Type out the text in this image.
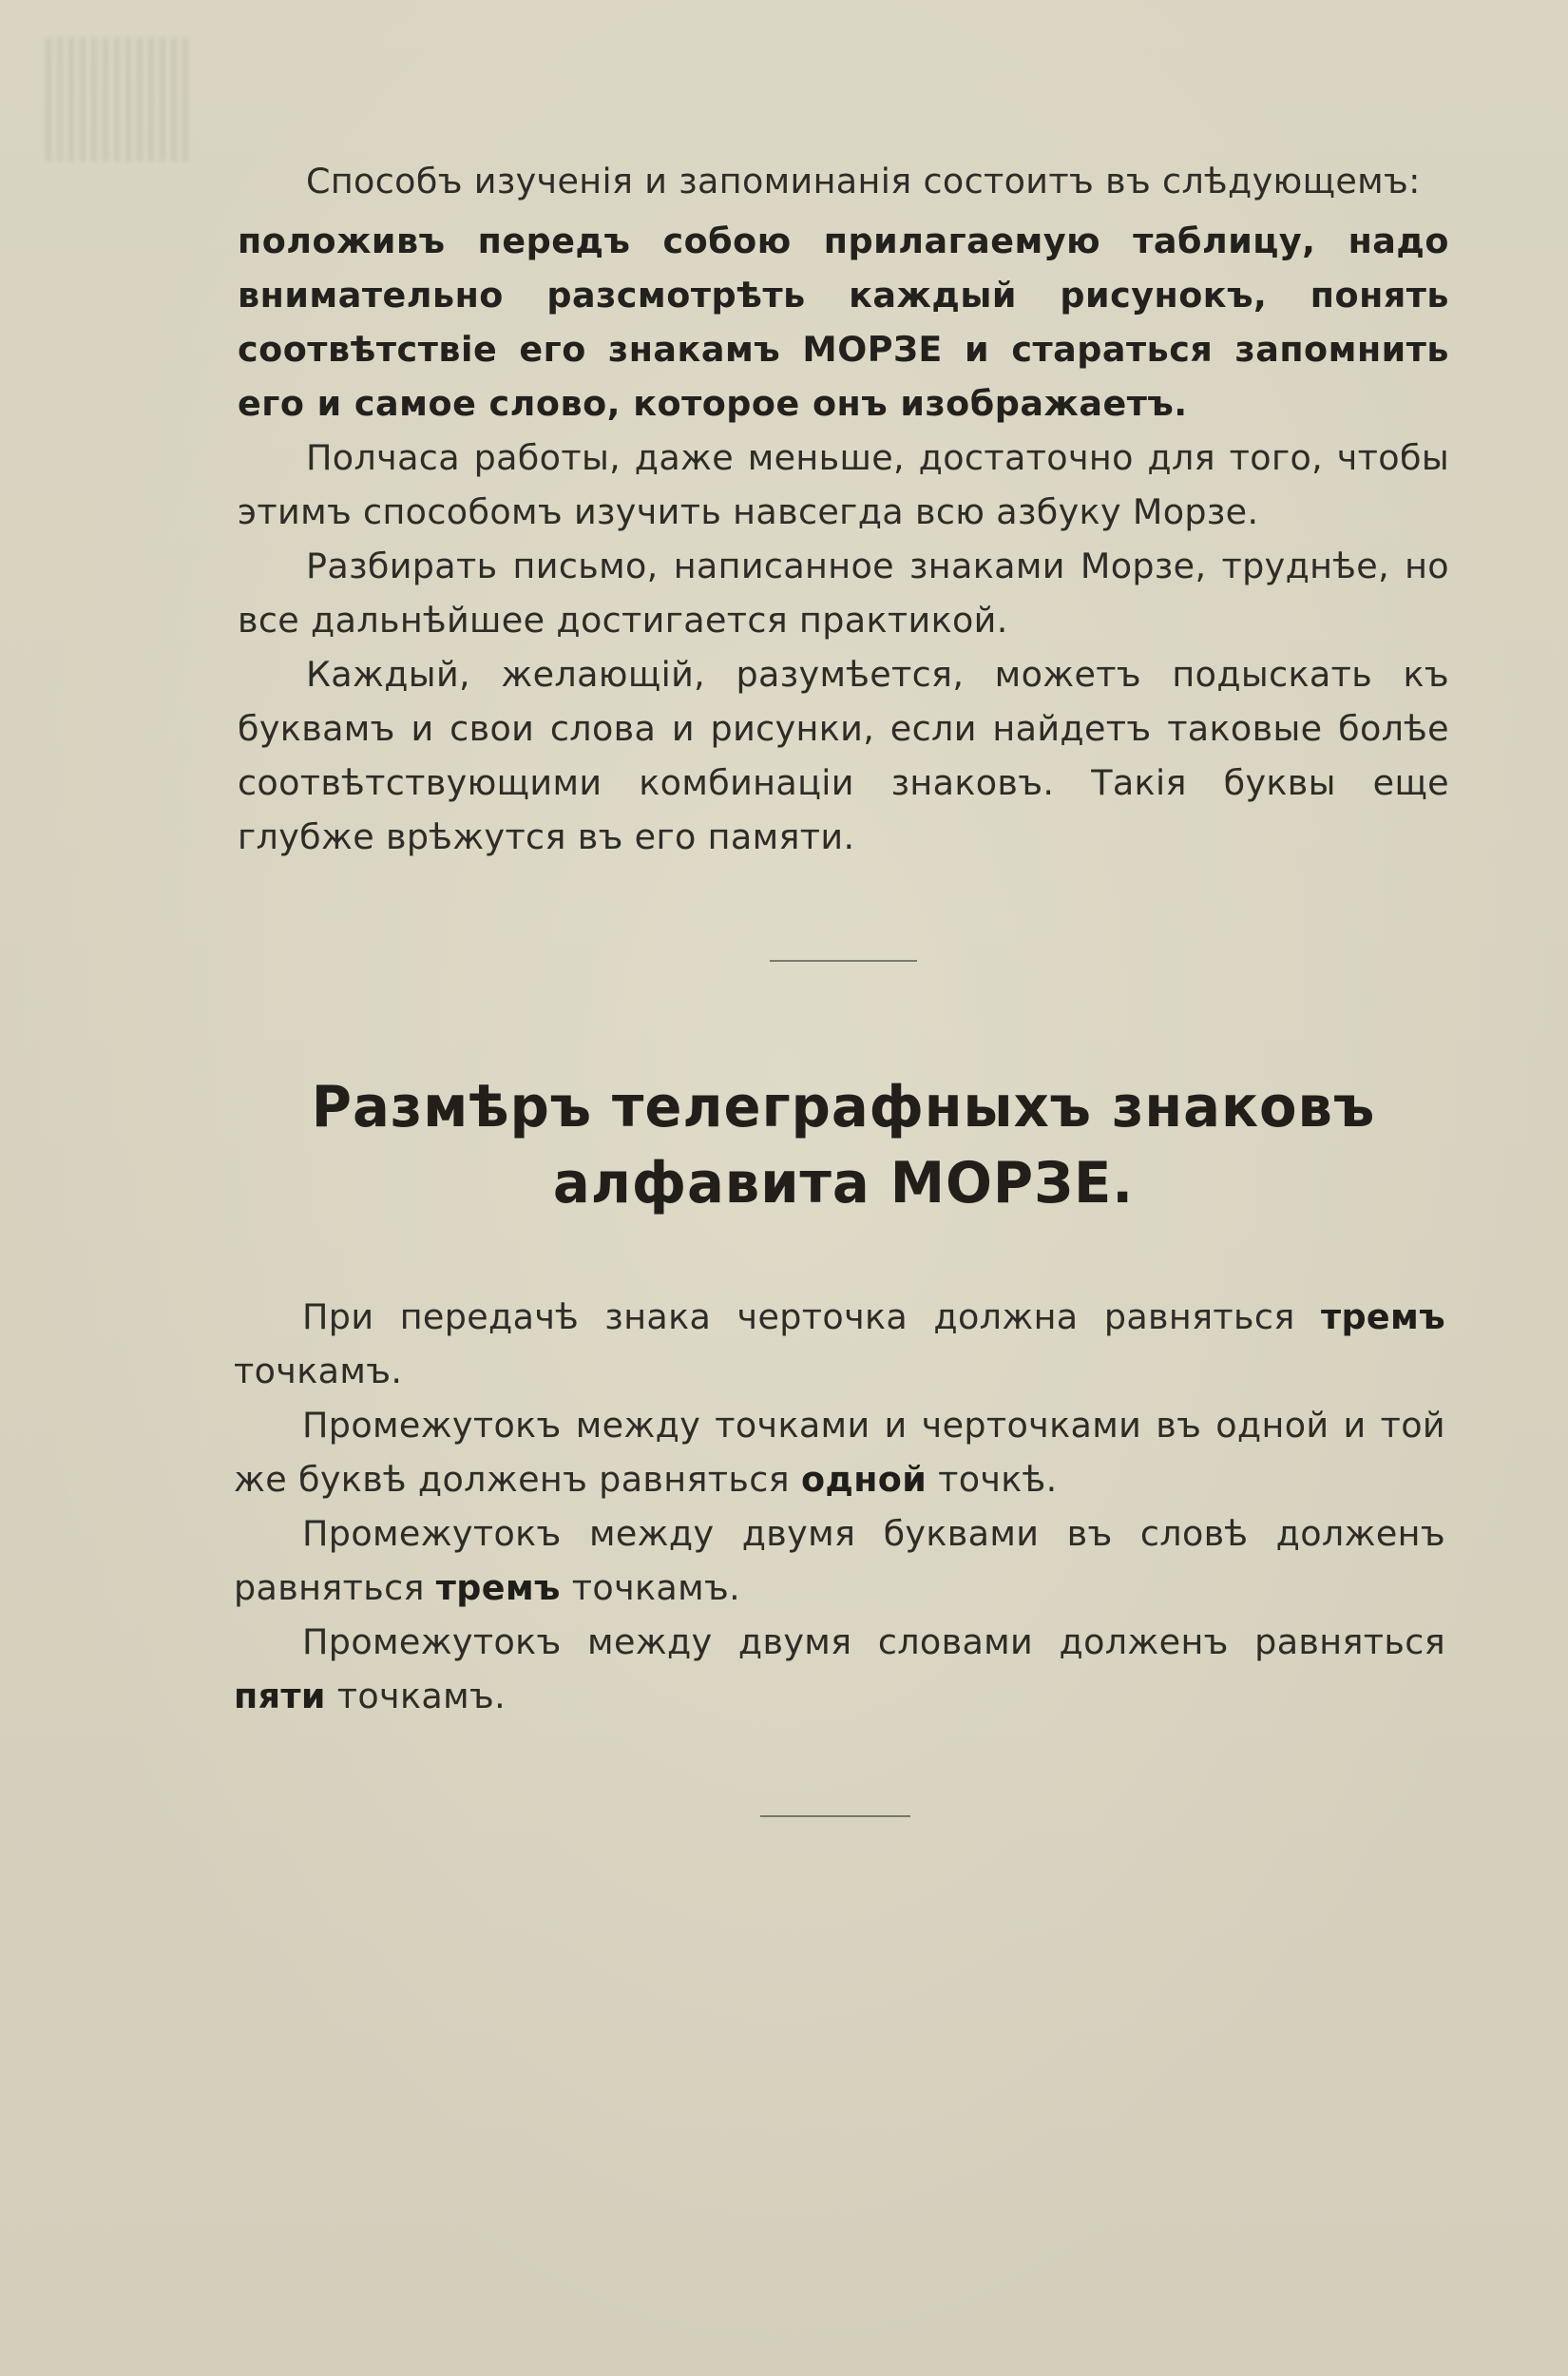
Способъ изученія и запоминанія состоитъ въ слѣдующемъ:

положивъ передъ собою прилагаемую таблицу, надо внимательно разсмотрѣть каждый рисунокъ, понять соотвѣтствіе его знакамъ МОРЗЕ и стараться запомнить его и самое слово, которое онъ изображаетъ.

Полчаса работы, даже меньше, достаточно для того, чтобы этимъ способомъ изучить навсегда всю азбуку Морзе.

Разбирать письмо, написанное знаками Морзе, труднѣе, но все дальнѣйшее достигается практикой.

Каждый, желающій, разумѣется, можетъ подыскать къ буквамъ и свои слова и рисунки, если найдетъ таковые болѣе соотвѣтствующими комбинаціи знаковъ. Такія буквы еще глубже врѣжутся въ его памяти.

Размѣръ телеграфныхъ знаковъ алфавита МОРЗЕ.

При передачѣ знака черточка должна равняться тремъ точкамъ.

Промежутокъ между точками и черточками въ одной и той же буквѣ долженъ равняться одной точкѣ.

Промежутокъ между двумя буквами въ словѣ долженъ равняться тремъ точкамъ.

Промежутокъ между двумя словами долженъ равняться пяти точкамъ.
